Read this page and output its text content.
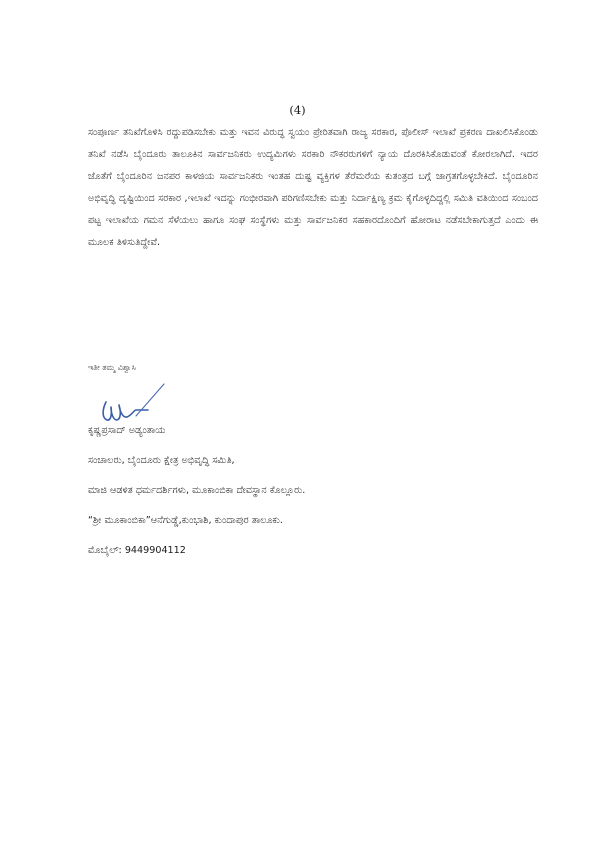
(4)
ಸಂಪೂರ್ಣ ತನಿಖೆಗೊಳಿಸಿ ರದ್ದುಪಡಿಸಬೇಕು ಮತ್ತು ಇವನ ವಿರುದ್ಧ ಸ್ವಯಂ ಪ್ರೇರಿತವಾಗಿ ರಾಜ್ಯ ಸರಕಾರ, ಪೊಲೀಸ್ ಇಲಾಖೆ ಪ್ರಕರಣ ದಾಖಲಿಸಿಕೊಂಡು ತನಿಖೆ ನಡೆಸಿ ಬೈಂದೂರು ತಾಲೂಕಿನ ಸಾರ್ವಜನಿಕರು ಉದ್ಯಮಿಗಳು ಸರಕಾರಿ ನೌಕರರುಗಳಿಗೆ ನ್ಯಾಯ ದೊರಕಿಸಿಕೊಡುವಂತೆ ಕೋರಲಾಗಿದೆ. ಇದರ ಜೊತೆಗೆ ಬೈಂದೂರಿನ ಜನಪರ ಕಾಳಜಿಯ ಸಾರ್ವಜನಿಕರು ಇಂತಹ ದುಷ್ಟ ವ್ಯಕ್ತಿಗಳ ತೆರೆಮರೆಯ ಕುತಂತ್ರದ ಬಗ್ಗೆ ಜಾಗ್ರತಗೊಳ್ಳಬೇಕಿದೆ. ಬೈಂದೂರಿನ ಅಭಿವೃದ್ಧಿ ದೃಷ್ಟಿಯಿಂದ ಸರಕಾರ ,ಇಲಾಖೆ ಇದನ್ನು ಗಂಭೀರವಾಗಿ ಪರಿಗಣಿಸಬೇಕು ಮತ್ತು ನಿರ್ದಾಕ್ಷಿಣ್ಯ ಕ್ರಮ ಕೈಗೊಳ್ಳದಿದ್ದಲ್ಲಿ ಸಮಿತಿ ವತಿಯಿಂದ ಸಂಬಂದ ಪಟ್ಟ ಇಲಾಖೆಯ ಗಮನ ಸೆಳೆಯಲು ಹಾಗೂ ಸಂಘ ಸಂಸ್ಥೆಗಳು ಮತ್ತು ಸಾರ್ವಜನಿಕರ ಸಹಕಾರದೊಂದಿಗೆ ಹೋರಾಟ ನಡೆಸಬೇಕಾಗುತ್ತದೆ ಎಂದು ಈ ಮೂಲಕ ತಿಳಿಸುತಿದ್ದೇವೆ.
ಇತೀ ತಮ್ಮ ವಿಶ್ವಾಸಿ

ಕೃಷ್ಣಪ್ರಸಾದ್ ಅಡ್ಯಂತಾಯ

ಸಂಚಾಲರು, ಬೈಂದೂರು ಕ್ಷೇತ್ರ ಅಭಿವೃದ್ಧಿ ಸಮಿತಿ,

ಮಾಜಿ ಆಡಳಿತ ಧರ್ಮದರ್ಶಿಗಳು, ಮೂಕಾಂಬಿಕಾ ದೇವಸ್ಥಾನ ಕೊಲ್ಲೂರು.

“ಶ್ರೀ ಮೂಕಾಂಬಿಕಾ”ಆನೆಗುಡ್ಡೆ,ಕುಂಭಾಶಿ, ಕುಂದಾಪುರ ತಾಲೂಕು.

ಮೊಬೈಲ್: 9449904112
